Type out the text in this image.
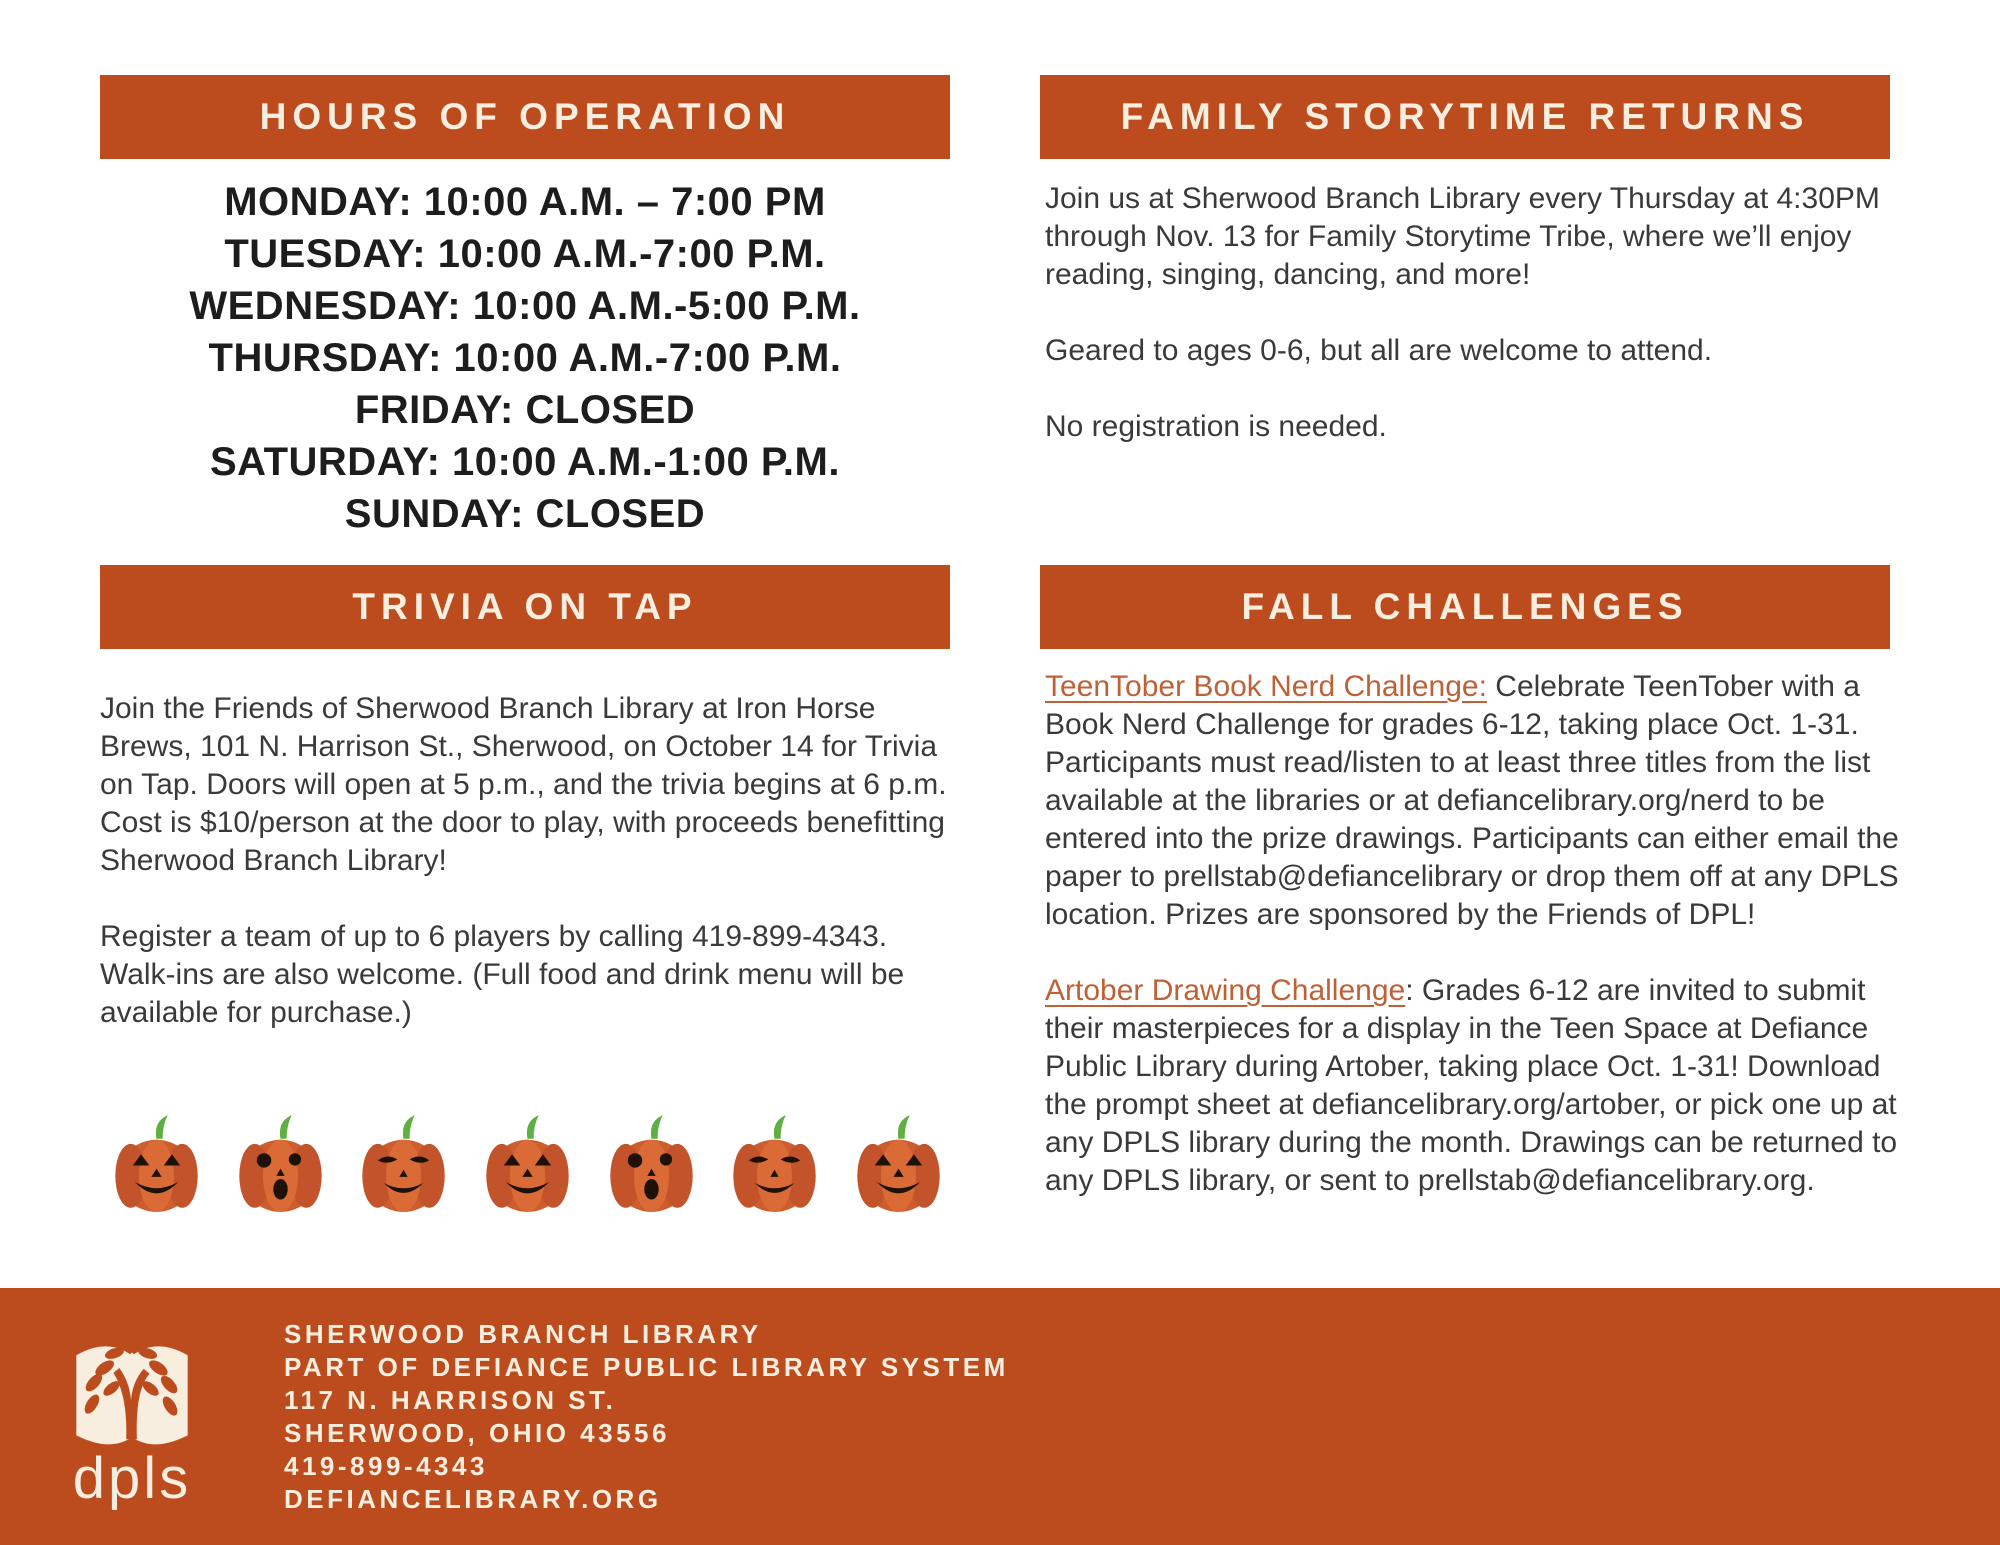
HOURS OF OPERATION
MONDAY: 10:00 A.M. – 7:00 PM
TUESDAY: 10:00 A.M.-7:00 P.M.
WEDNESDAY: 10:00 A.M.-5:00 P.M.
THURSDAY: 10:00 A.M.-7:00 P.M.
FRIDAY: CLOSED
SATURDAY: 10:00 A.M.-1:00 P.M.
SUNDAY: CLOSED
FAMILY STORYTIME RETURNS

Join us at Sherwood Branch Library every Thursday at 4:30PM through Nov. 13 for Family Storytime Tribe, where we’ll enjoy reading, singing, dancing, and more!

Geared to ages 0-6, but all are welcome to attend.

No registration is needed.

TRIVIA ON TAP

Join the Friends of Sherwood Branch Library at Iron Horse Brews, 101 N. Harrison St., Sherwood, on October 14 for Trivia on Tap. Doors will open at 5 p.m., and the trivia begins at 6 p.m. Cost is $10/person at the door to play, with proceeds benefitting Sherwood Branch Library!

Register a team of up to 6 players by calling 419-899-4343. Walk-ins are also welcome. (Full food and drink menu will be available for purchase.)

FALL CHALLENGES

TeenTober Book Nerd Challenge: Celebrate TeenTober with a Book Nerd Challenge for grades 6-12, taking place Oct. 1-31. Participants must read/listen to at least three titles from the list available at the libraries or at defiancelibrary.org/nerd to be entered into the prize drawings. Participants can either email the paper to prellstab@defiancelibrary or drop them off at any DPLS location. Prizes are sponsored by the Friends of DPL!

Artober Drawing Challenge: Grades 6-12 are invited to submit their masterpieces for a display in the Teen Space at Defiance Public Library during Artober, taking place Oct. 1-31! Download the prompt sheet at defiancelibrary.org/artober, or pick one up at any DPLS library during the month. Drawings can be returned to any DPLS library, or sent to prellstab@defiancelibrary.org.

dpls
SHERWOOD BRANCH LIBRARY
PART OF DEFIANCE PUBLIC LIBRARY SYSTEM
117 N. HARRISON ST.
SHERWOOD, OHIO 43556
419-899-4343
DEFIANCELIBRARY.ORG
